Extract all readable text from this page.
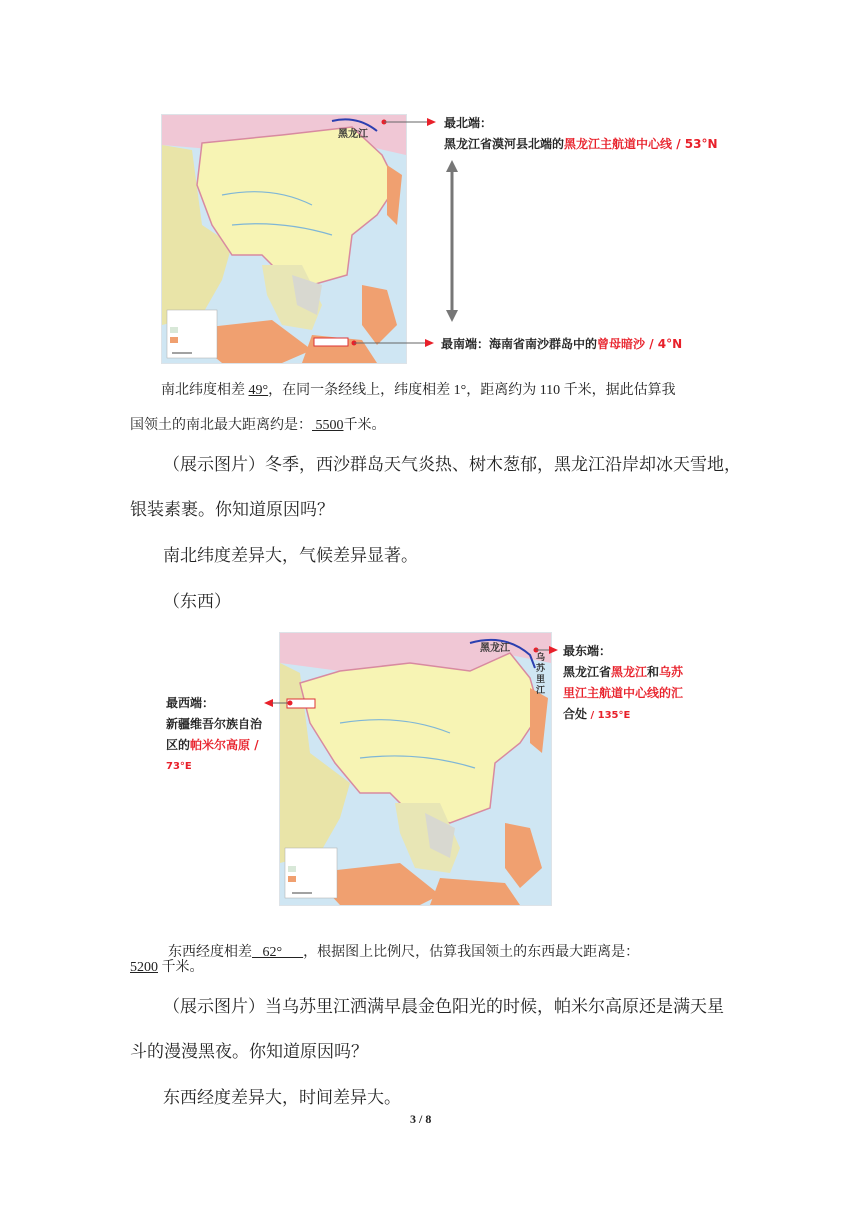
黑龙江
最北端：
黑龙江省漠河县北端的黑龙江主航道中心线 / 53°N
最南端：海南省南沙群岛中的曾母暗沙 / 4°N
南北纬度相差 49°，在同一条经线上，纬度相差 1°，距离约为 110 千米，据此估算我
国领土的南北最大距离约是： 5500千米。
（展示图片）冬季，西沙群岛天气炎热、树木葱郁，黑龙江沿岸却冰天雪地，
银装素裹。你知道原因吗？
南北纬度差异大，气候差异显著。
（东西）
黑龙江
乌苏里江
最东端：
黑龙江省黑龙江和乌苏
里江主航道中心线的汇
合处 / 135°E
最西端：
新疆维吾尔族自治
区的帕米尔高原 /
73°E

东西经度相差   62°      ，根据图上比例尺，估算我国领土的东西最大距离是：

5200 千米。
（展示图片）当乌苏里江洒满早晨金色阳光的时候，帕米尔高原还是满天星
斗的漫漫黑夜。你知道原因吗？
东西经度差异大，时间差异大。
3 / 8
